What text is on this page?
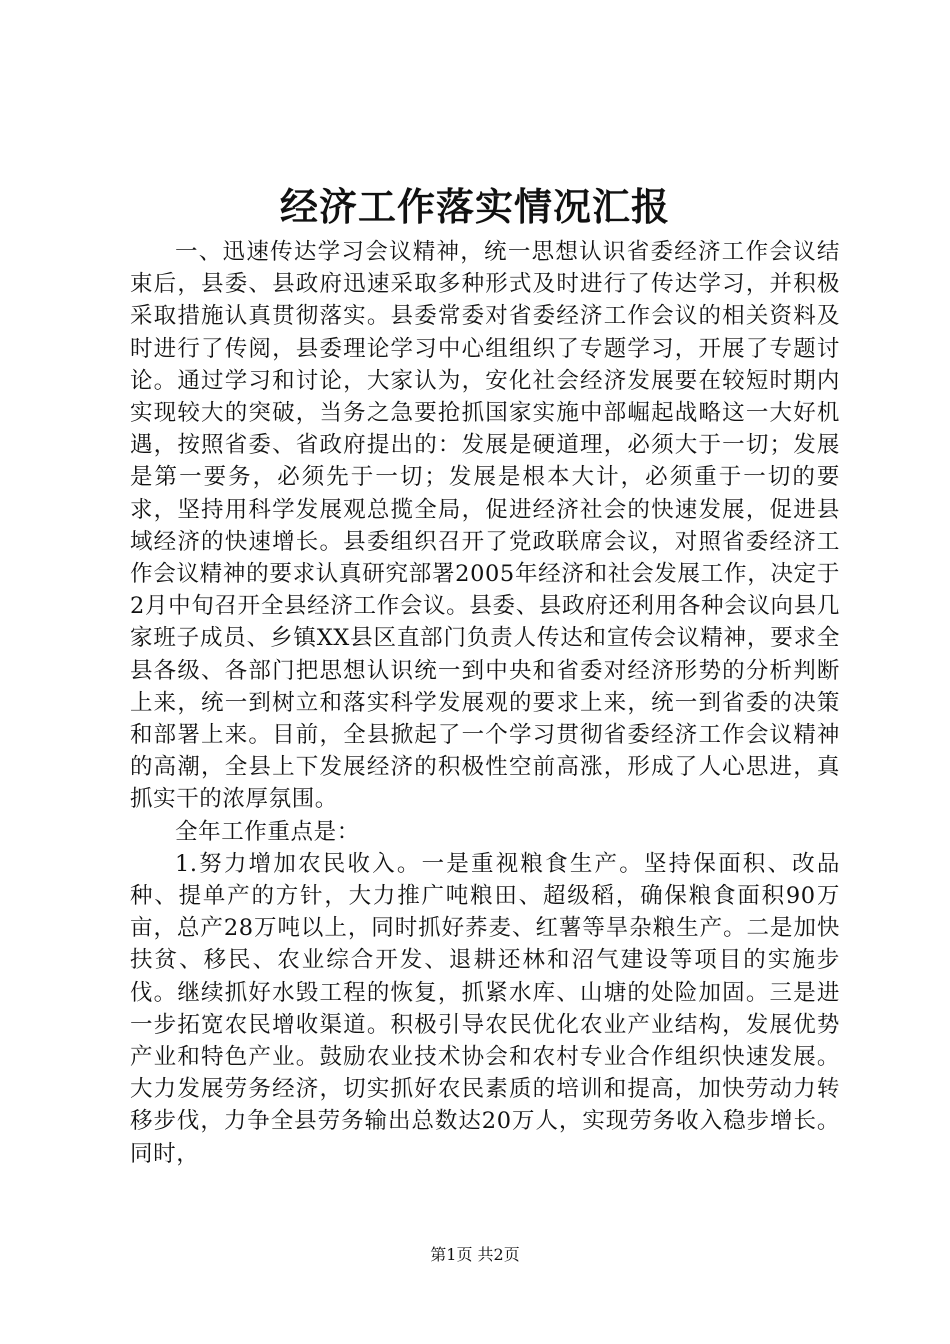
经济工作落实情况汇报

一、迅速传达学习会议精神，统一思想认识省委经济工作会议结束后，县委、县政府迅速采取多种形式及时进行了传达学习，并积极采取措施认真贯彻落实。县委常委对省委经济工作会议的相关资料及时进行了传阅，县委理论学习中心组组织了专题学习，开展了专题讨论。通过学习和讨论，大家认为，安化社会经济发展要在较短时期内实现较大的突破，当务之急要抢抓国家实施中部崛起战略这一大好机遇，按照省委、省政府提出的：发展是硬道理，必须大于一切；发展是第一要务，必须先于一切；发展是根本大计，必须重于一切的要求，坚持用科学发展观总揽全局，促进经济社会的快速发展，促进县域经济的快速增长。县委组织召开了党政联席会议，对照省委经济工作会议精神的要求认真研究部署2005年经济和社会发展工作，决定于2月中旬召开全县经济工作会议。县委、县政府还利用各种会议向县几家班子成员、乡镇XX县区直部门负责人传达和宣传会议精神，要求全县各级、各部门把思想认识统一到中央和省委对经济形势的分析判断上来，统一到树立和落实科学发展观的要求上来，统一到省委的决策和部署上来。目前，全县掀起了一个学习贯彻省委经济工作会议精神的高潮，全县上下发展经济的积极性空前高涨，形成了人心思进，真抓实干的浓厚氛围。

全年工作重点是：

1.努力增加农民收入。一是重视粮食生产。坚持保面积、改品种、提单产的方针，大力推广吨粮田、超级稻，确保粮食面积90万亩，总产28万吨以上，同时抓好荞麦、红薯等旱杂粮生产。二是加快扶贫、移民、农业综合开发、退耕还林和沼气建设等项目的实施步伐。继续抓好水毁工程的恢复，抓紧水库、山塘的处险加固。三是进一步拓宽农民增收渠道。积极引导农民优化农业产业结构，发展优势产业和特色产业。鼓励农业技术协会和农村专业合作组织快速发展。大力发展劳务经济，切实抓好农民素质的培训和提高，加快劳动力转移步伐，力争全县劳务输出总数达20万人，实现劳务收入稳步增长。同时，

第1页 共2页
